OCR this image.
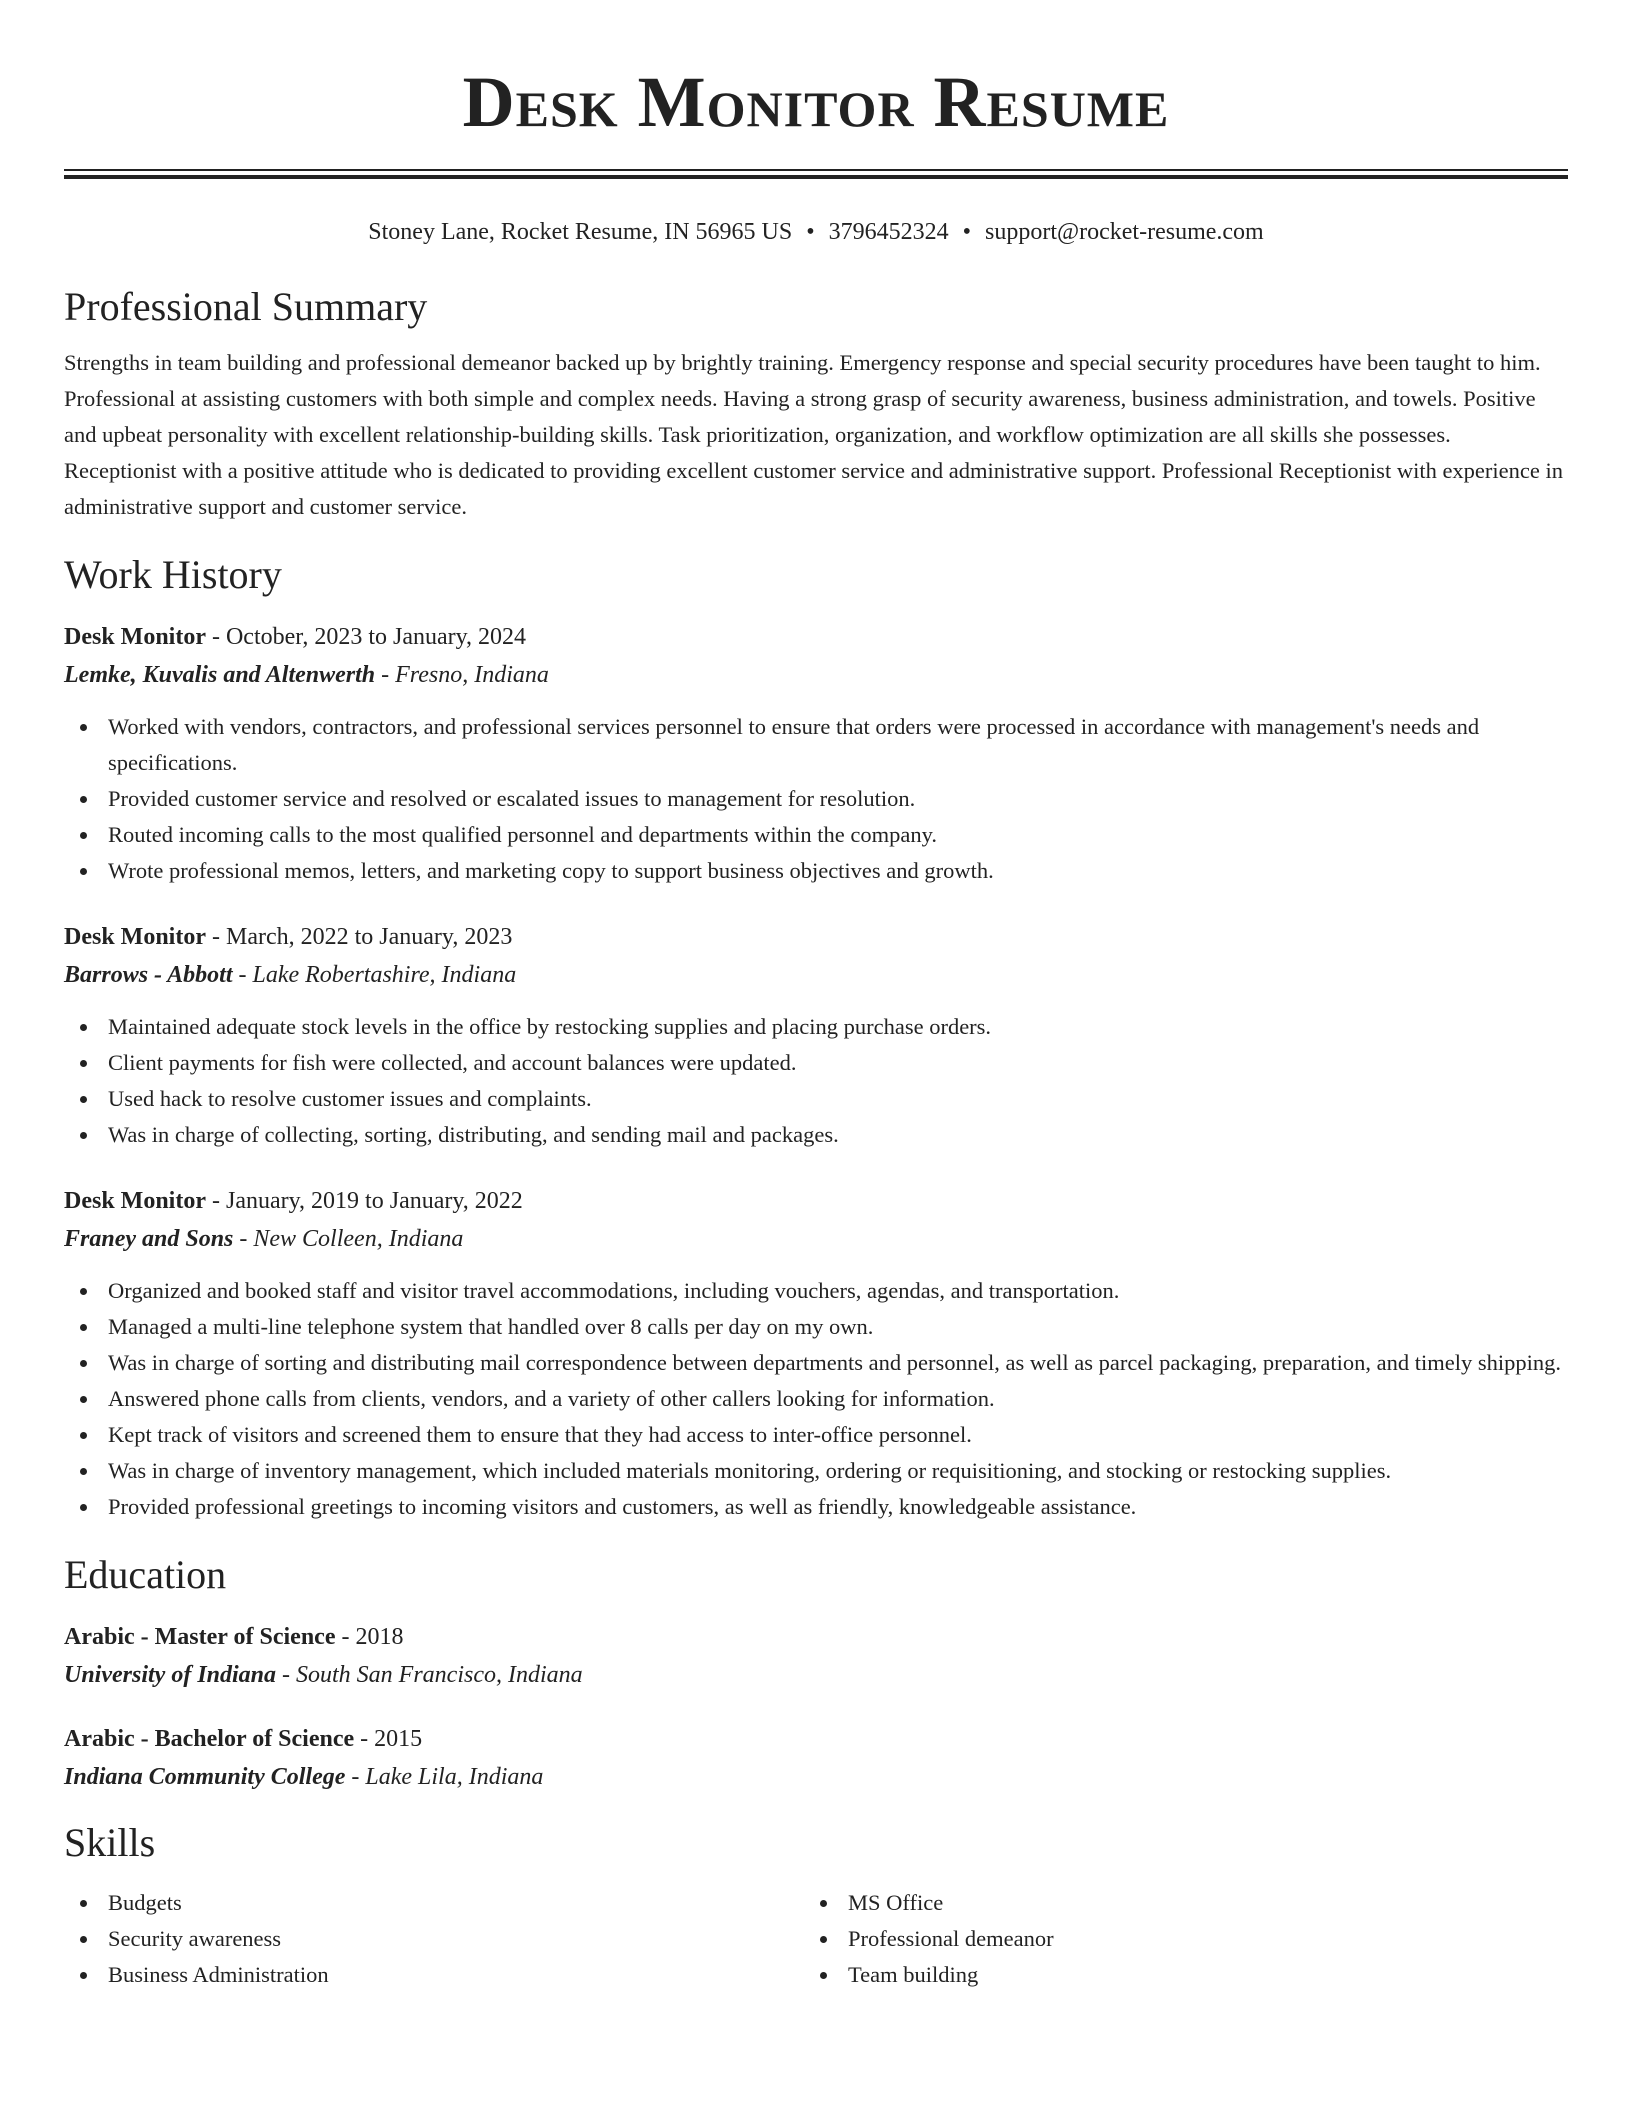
Desk Monitor Resume
Stoney Lane, Rocket Resume, IN 56965 US • 3796452324 • support@rocket-resume.com
Professional Summary

Strengths in team building and professional demeanor backed up by brightly training. Emergency response and special security procedures have been taught to him. Professional at assisting customers with both simple and complex needs. Having a strong grasp of security awareness, business administration, and towels. Positive and upbeat personality with excellent relationship-building skills. Task prioritization, organization, and workflow optimization are all skills she possesses. Receptionist with a positive attitude who is dedicated to providing excellent customer service and administrative support. Professional Receptionist with experience in administrative support and customer service.

Work History
Desk Monitor - October, 2023 to January, 2024
Lemke, Kuvalis and Altenwerth - Fresno, Indiana
Worked with vendors, contractors, and professional services personnel to ensure that orders were processed in accordance with management's needs and specifications.
Provided customer service and resolved or escalated issues to management for resolution.
Routed incoming calls to the most qualified personnel and departments within the company.
Wrote professional memos, letters, and marketing copy to support business objectives and growth.
Desk Monitor - March, 2022 to January, 2023
Barrows - Abbott - Lake Robertashire, Indiana
Maintained adequate stock levels in the office by restocking supplies and placing purchase orders.
Client payments for fish were collected, and account balances were updated.
Used hack to resolve customer issues and complaints.
Was in charge of collecting, sorting, distributing, and sending mail and packages.
Desk Monitor - January, 2019 to January, 2022
Franey and Sons - New Colleen, Indiana
Organized and booked staff and visitor travel accommodations, including vouchers, agendas, and transportation.
Managed a multi-line telephone system that handled over 8 calls per day on my own.
Was in charge of sorting and distributing mail correspondence between departments and personnel, as well as parcel packaging, preparation, and timely shipping.
Answered phone calls from clients, vendors, and a variety of other callers looking for information.
Kept track of visitors and screened them to ensure that they had access to inter-office personnel.
Was in charge of inventory management, which included materials monitoring, ordering or requisitioning, and stocking or restocking supplies.
Provided professional greetings to incoming visitors and customers, as well as friendly, knowledgeable assistance.
Education
Arabic - Master of Science - 2018
University of Indiana - South San Francisco, Indiana
Arabic - Bachelor of Science - 2015
Indiana Community College - Lake Lila, Indiana
Skills
Budgets
Security awareness
Business Administration
MS Office
Professional demeanor
Team building
